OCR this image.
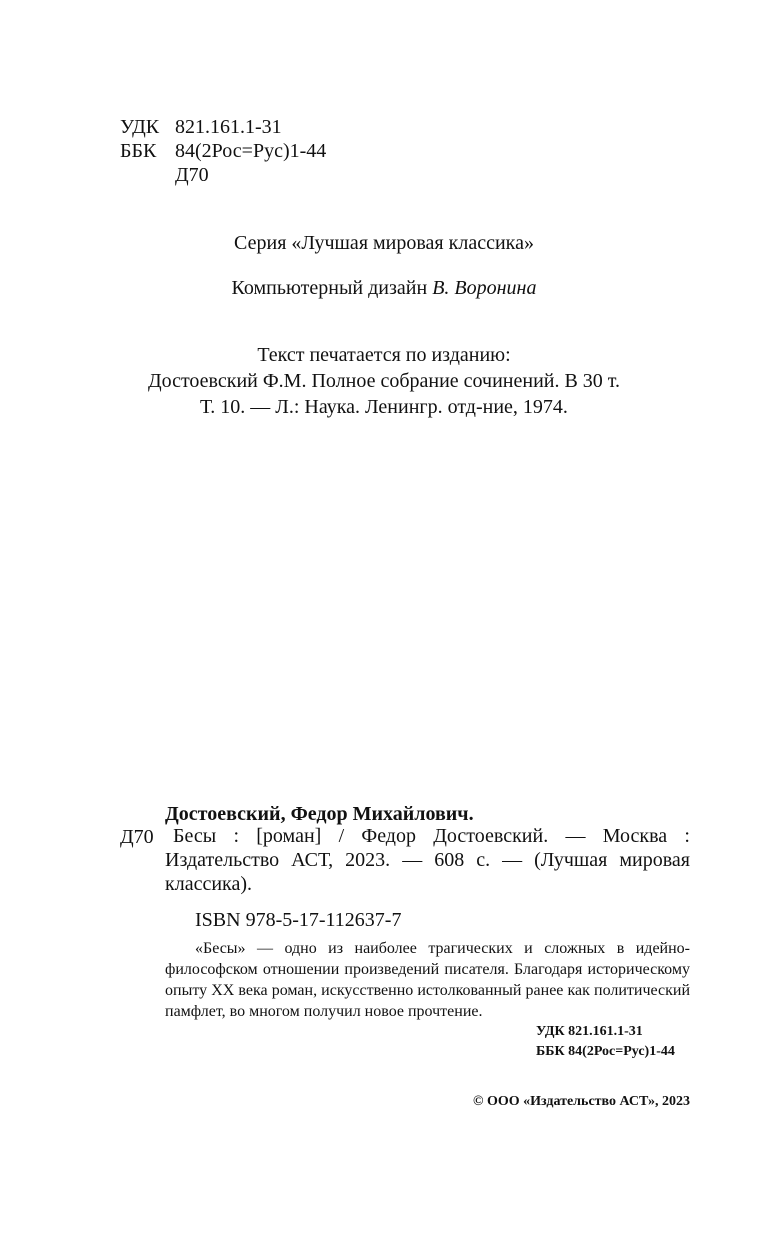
УДК 821.161.1-31
ББК 84(2Рос=Рус)1-44
Д70
Серия «Лучшая мировая классика»
Компьютерный дизайн В. Воронина
Текст печатается по изданию:
Достоевский Ф.М. Полное собрание сочинений. В 30 т.
Т. 10. — Л.: Наука. Ленингр. отд-ние, 1974.
Достоевский, Федор Михайлович.
Д70 Бесы : [роман] / Федор Достоевский. — Москва : Издательство АСТ, 2023. — 608 с. — (Лучшая мировая классика).
ISBN 978-5-17-112637-7
«Бесы» — одно из наиболее трагических и сложных в идейно-философском отношении произведений писателя. Благодаря историческому опыту XX века роман, искусственно истолкованный ранее как политический памфлет, во многом получил новое прочтение.
УДК 821.161.1-31
ББК 84(2Рос=Рус)1-44
© ООО «Издательство АСТ», 2023
